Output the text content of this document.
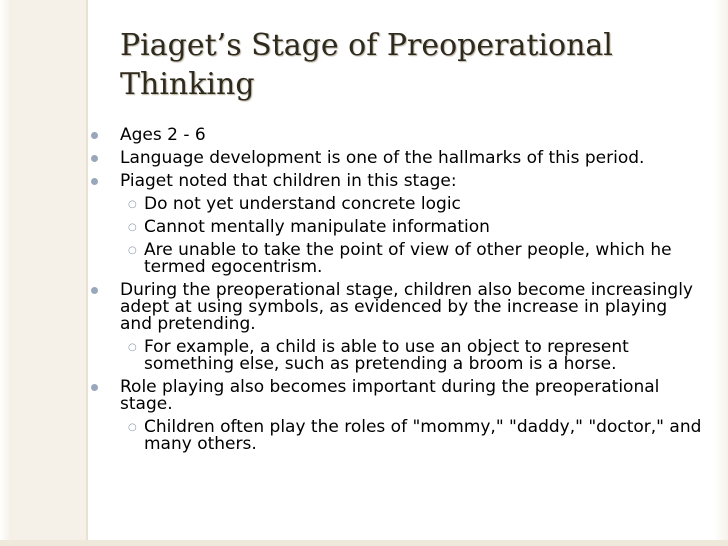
Piaget’s Stage of Preoperational Thinking
Ages 2 - 6
Language development is one of the hallmarks of this period.
Piaget noted that children in this stage:
○ Do not yet understand concrete logic
○ Cannot mentally manipulate information
○ Are unable to take the point of view of other people, which he termed egocentrism.
During the preoperational stage, children also become increasingly adept at using symbols, as evidenced by the increase in playing and pretending.
○ For example, a child is able to use an object to represent something else, such as pretending a broom is a horse.
Role playing also becomes important during the preoperational stage.
○ Children often play the roles of "mommy," "daddy," "doctor," and many others.
